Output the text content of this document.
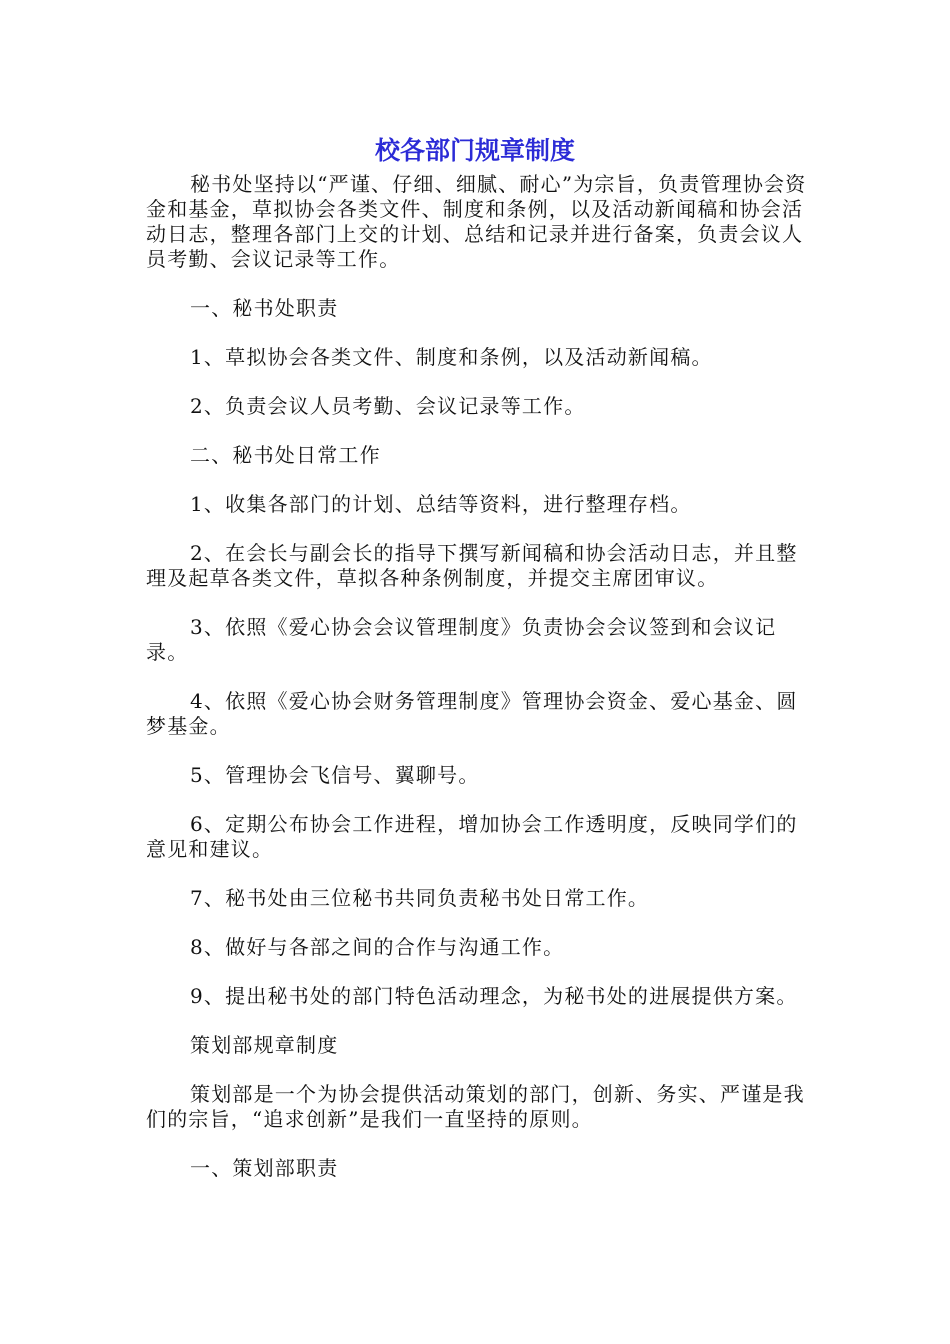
校各部门规章制度

秘书处坚持以“严谨、仔细、细腻、耐心”为宗旨，负责管理协会资金和基金，草拟协会各类文件、制度和条例，以及活动新闻稿和协会活动日志，整理各部门上交的计划、总结和记录并进行备案，负责会议人员考勤、会议记录等工作。

一、秘书处职责

1、草拟协会各类文件、制度和条例，以及活动新闻稿。

2、负责会议人员考勤、会议记录等工作。

二、秘书处日常工作

1、收集各部门的计划、总结等资料，进行整理存档。

2、在会长与副会长的指导下撰写新闻稿和协会活动日志，并且整理及起草各类文件，草拟各种条例制度，并提交主席团审议。

3、依照《爱心协会会议管理制度》负责协会会议签到和会议记录。

4、依照《爱心协会财务管理制度》管理协会资金、爱心基金、圆梦基金。

5、管理协会飞信号、翼聊号。

6、定期公布协会工作进程，增加协会工作透明度，反映同学们的意见和建议。

7、秘书处由三位秘书共同负责秘书处日常工作。

8、做好与各部之间的合作与沟通工作。

9、提出秘书处的部门特色活动理念，为秘书处的进展提供方案。

策划部规章制度

策划部是一个为协会提供活动策划的部门，创新、务实、严谨是我们的宗旨，“追求创新”是我们一直坚持的原则。

一、策划部职责
